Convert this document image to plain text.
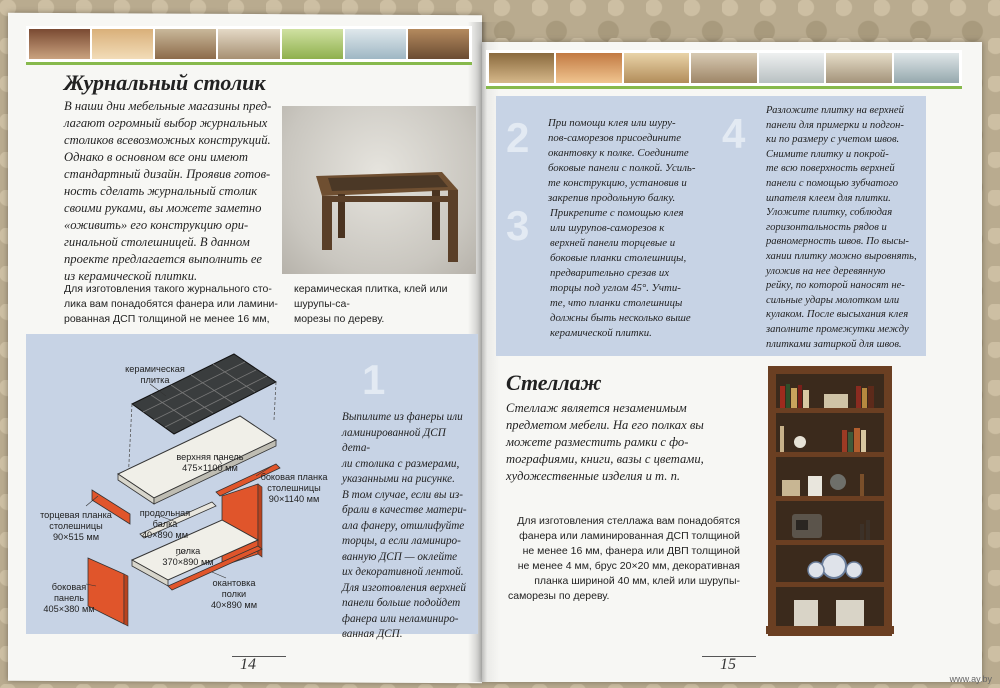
Журнальный столик
В наши дни мебельные магазины пред-
лагают огромный выбор журнальных
столиков всевозможных конструкций.
Однако в основном все они имеют
стандартный дизайн. Проявив готов-
ность сделать журнальный столик
своими руками, вы можете заметно
«оживить» его конструкцию ори-
гинальной столешницей. В данном
проекте предлагается выполнить ее
из керамической плитки.
Для изготовления такого журнального сто-
лика вам понадобятся фанера или ламини-
рованная ДСП толщиной не менее 16 мм,
керамическая плитка, клей или шурупы-са-
морезы по дереву.

1

керамическая
плитка
верхняя панель
475×1100 мм
боковая планка
столешницы
90×1140 мм
торцевая планка
столешницы
90×515 мм
продольная
балка
40×890 мм
полка
370×890 мм
боковая
панель
405×380 мм
окантовка
полки
40×890 мм
Выпилите из фанеры или
ламинированной ДСП дета-
ли столика с размерами,
указанными на рисунке.
В том случае, если вы из-
брали в качестве матери-
ала фанеру, отшлифуйте
торцы, а если ламиниро-
ванную ДСП — оклейте
их декоративной лентой.
Для изготовления верхней
панели больше подойдет
фанера или неламиниро-
ванная ДСП.

14

2

3

4

При помощи клея или шуру-
пов-саморезов присоедините
окантовку к полке. Соедините
боковые панели с полкой. Усиль-
те конструкцию, установив и
закрепив продольную балку.
Прикрепите с помощью клея
или шурупов-саморезов к
верхней панели торцевые и
боковые планки столешницы,
предварительно срезав их
торцы под углом 45°. Учти-
те, что планки столешницы
должны быть несколько выше
керамической плитки.
Разложите плитку на верхней
панели для примерки и подгон-
ки по размеру с учетом швов.
Снимите плитку и покрой-
те всю поверхность верхней
панели с помощью зубчатого
шпателя клеем для плитки.
Уложите плитку, соблюдая
горизонтальность рядов и
равномерность швов. По высы-
хании плитку можно выровнять,
уложив на нее деревянную
рейку, по которой наносят не-
сильные удары молотком или
кулаком. После высыхания клея
заполните промежутки между
плитками затиркой для швов.
Стеллаж
Стеллаж является незаменимым
предметом мебели. На его полках вы
можете разместить рамки с фо-
тографиями, книги, вазы с цветами,
художественные изделия и т. п.
Для изготовления стеллажа вам понадобятся
фанера или ламинированная ДСП толщиной
не менее 16 мм, фанера или ДВП толщиной
не менее 4 мм, брус 20×20 мм, декоративная
планка шириной 40 мм, клей или шурупы-
саморезы по дереву.

15

www.ay.by
